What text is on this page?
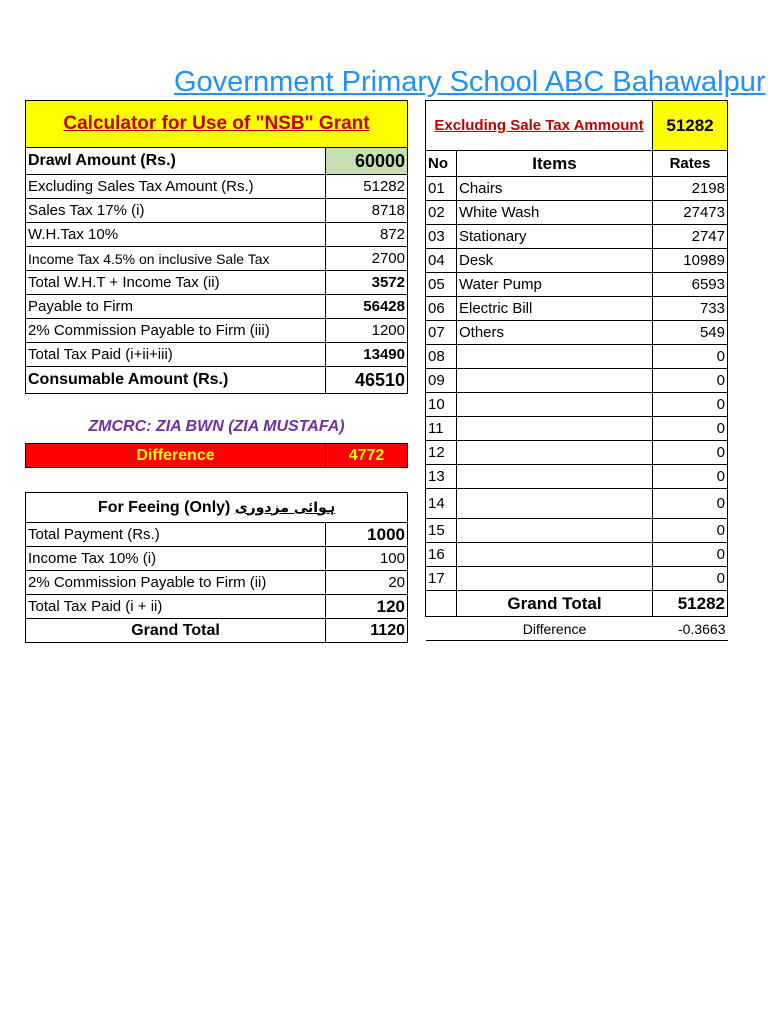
Government Primary School ABC Bahawalpur
Calculator for Use of "NSB" Grant	
Drawl Amount (Rs.)	60000
Excluding Sales Tax Amount (Rs.)	51282
Sales Tax 17% (i)	8718
W.H.Tax 10%	872
Income Tax 4.5% on inclusive Sale Tax	2700
Total W.H.T + Income Tax (ii)	3572
Payable to Firm	56428
2% Commission Payable to Firm (iii)	1200
Total Tax Paid (i+ii+iii)	13490
Consumable Amount (Rs.)	46510
ZMCRC: ZIA BWN (ZIA MUSTAFA)
Difference	4772
For Feeing (Only) ہوائی مزدوری	
Total Payment (Rs.)	1000
Income Tax 10% (i)	100
2% Commission Payable to Firm (ii)	20
Total Tax Paid (i + ii)	120
Grand Total	1120
Excluding Sale Tax Ammount		51282
No	Items	Rates
01	Chairs	2198
02	White Wash	27473
03	Stationary	2747
04	Desk	10989
05	Water Pump	6593
06	Electric Bill	733
07	Others	549
08		0
09		0
10		0
11		0
12		0
13		0
14		0
15		0
16		0
17		0
	Grand Total	51282
	Difference	-0.3663
